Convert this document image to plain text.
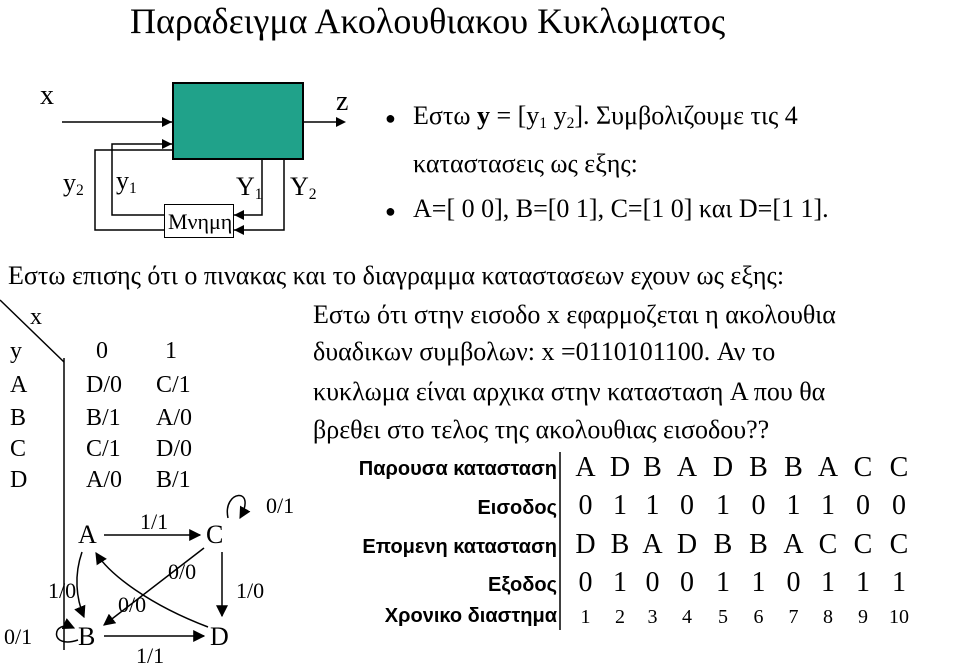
Παραδειγμα Ακολουθιακου Κυκλωματος
x	z
$y_2$ $y_1$	$Y_1$ $Y_2$
Μνημη
● Εστω $y = [y_1$ $y_2$]. Συμβολιζουμε τις 4
καταστασεις ως εξης:
● A=[ 0 0], B=[0 1], C=[1 0] και D=[1 1].
Εστω επισης ότι ο πινακας και το διαγραμμα καταστασεων εχουν ως εξης:
x
y	0 1
A D/0 C/1
B B/1 A/0
C C/1 D/0
D A/0 B/1
A	C
B	D
1/1
0/1
0/0
1/0
1/0
0/0
0/1
1/1
Εστω ότι στην εισοδο x εφαρμοζεται η ακολουθια
δυαδικων συμβολων: x =0110101100. Αν το
κυκλωμα είναι αρχικα στην κατασταση A που θα
βρεθει στο τελος της ακολουθιας εισοδου??
Παρουσα κατασταση A D B A D B B A C C
Εισοδος 0 1 1 0 1 0 1 1 0 0
Επομενη κατασταση D B A D B B A C C C
Εξοδος 0 1 0 0 1 1 0 1 1 1
Χρονικο διαστημα	1	2	3	4	5	6	7	8	9	10
